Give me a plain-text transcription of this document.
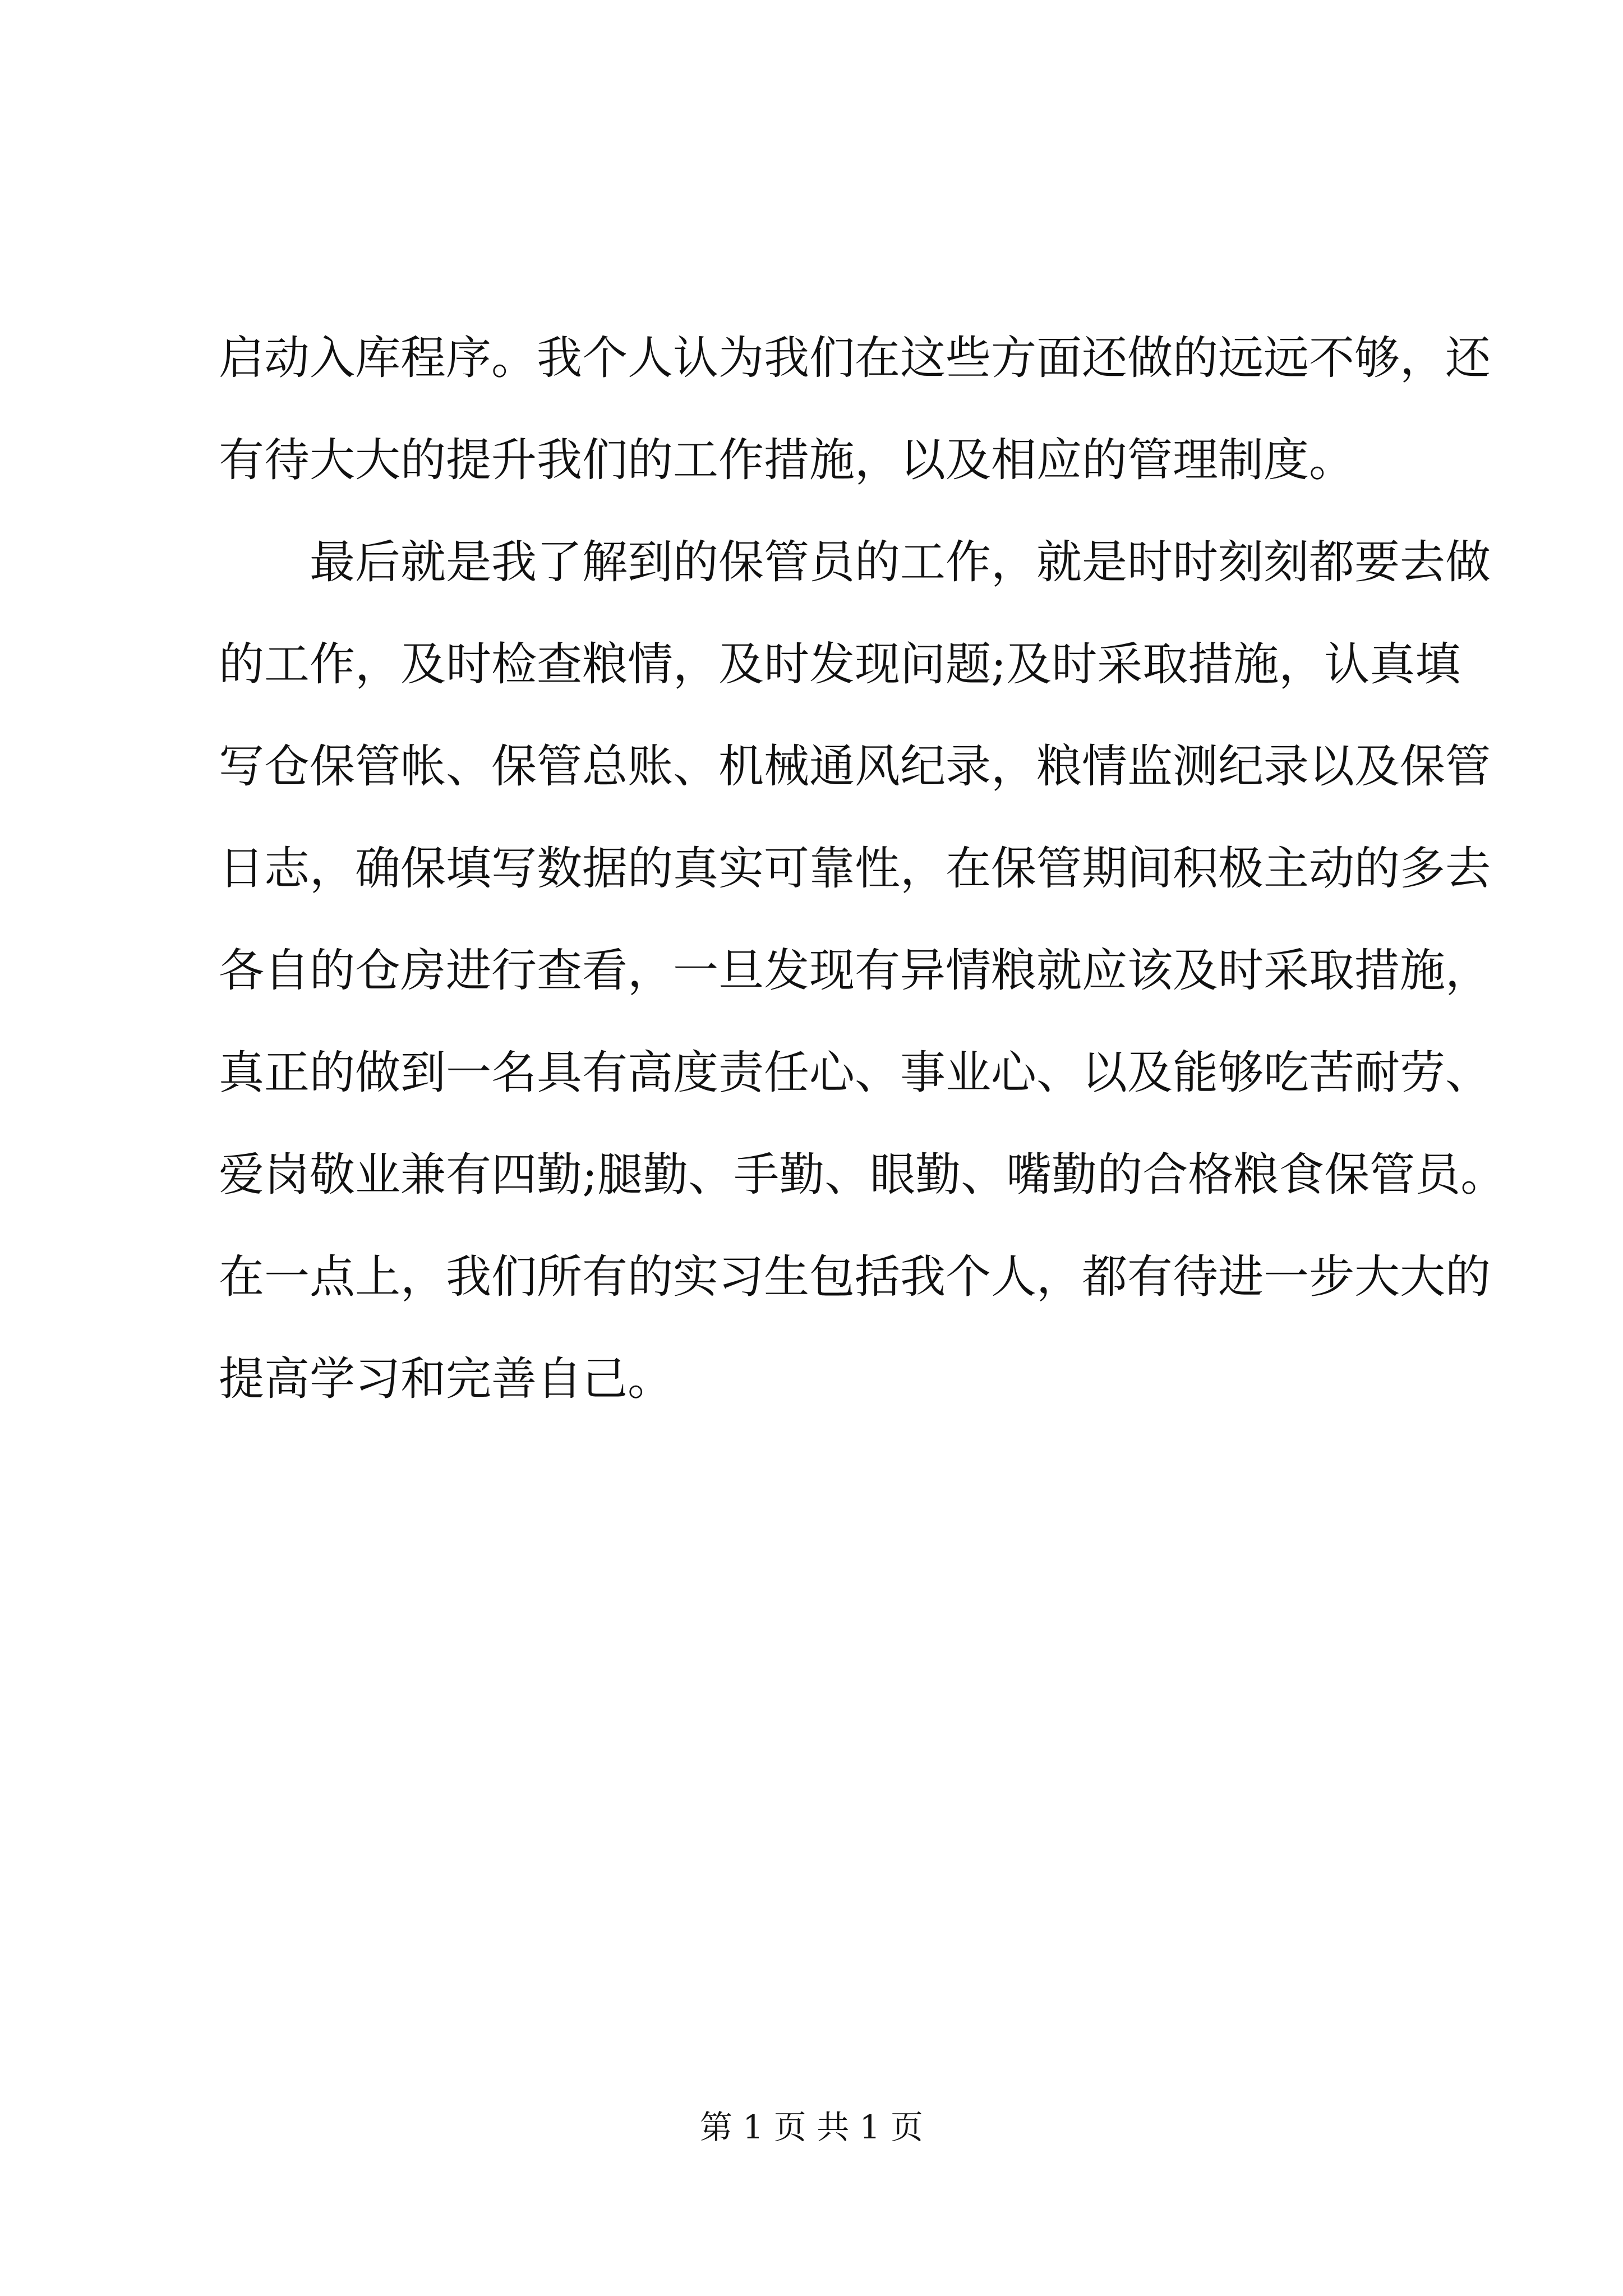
启动入库程序。我个人认为我们在这些方面还做的远远不够，还
有待大大的提升我们的工作措施，以及相应的管理制度。
　　最后就是我了解到的保管员的工作，就是时时刻刻都要去做
的工作，及时检查粮情，及时发现问题;及时采取措施，认真填
写仓保管帐、保管总账、机械通风纪录，粮情监测纪录以及保管
日志，确保填写数据的真实可靠性，在保管期间积极主动的多去
各自的仓房进行查看，一旦发现有异情粮就应该及时采取措施，
真正的做到一名具有高度责任心、事业心、以及能够吃苦耐劳、
爱岗敬业兼有四勤;腿勤、手勤、眼勤、嘴勤的合格粮食保管员。
在一点上，我们所有的实习生包括我个人，都有待进一步大大的
提高学习和完善自己。
第 1 页 共 1 页
